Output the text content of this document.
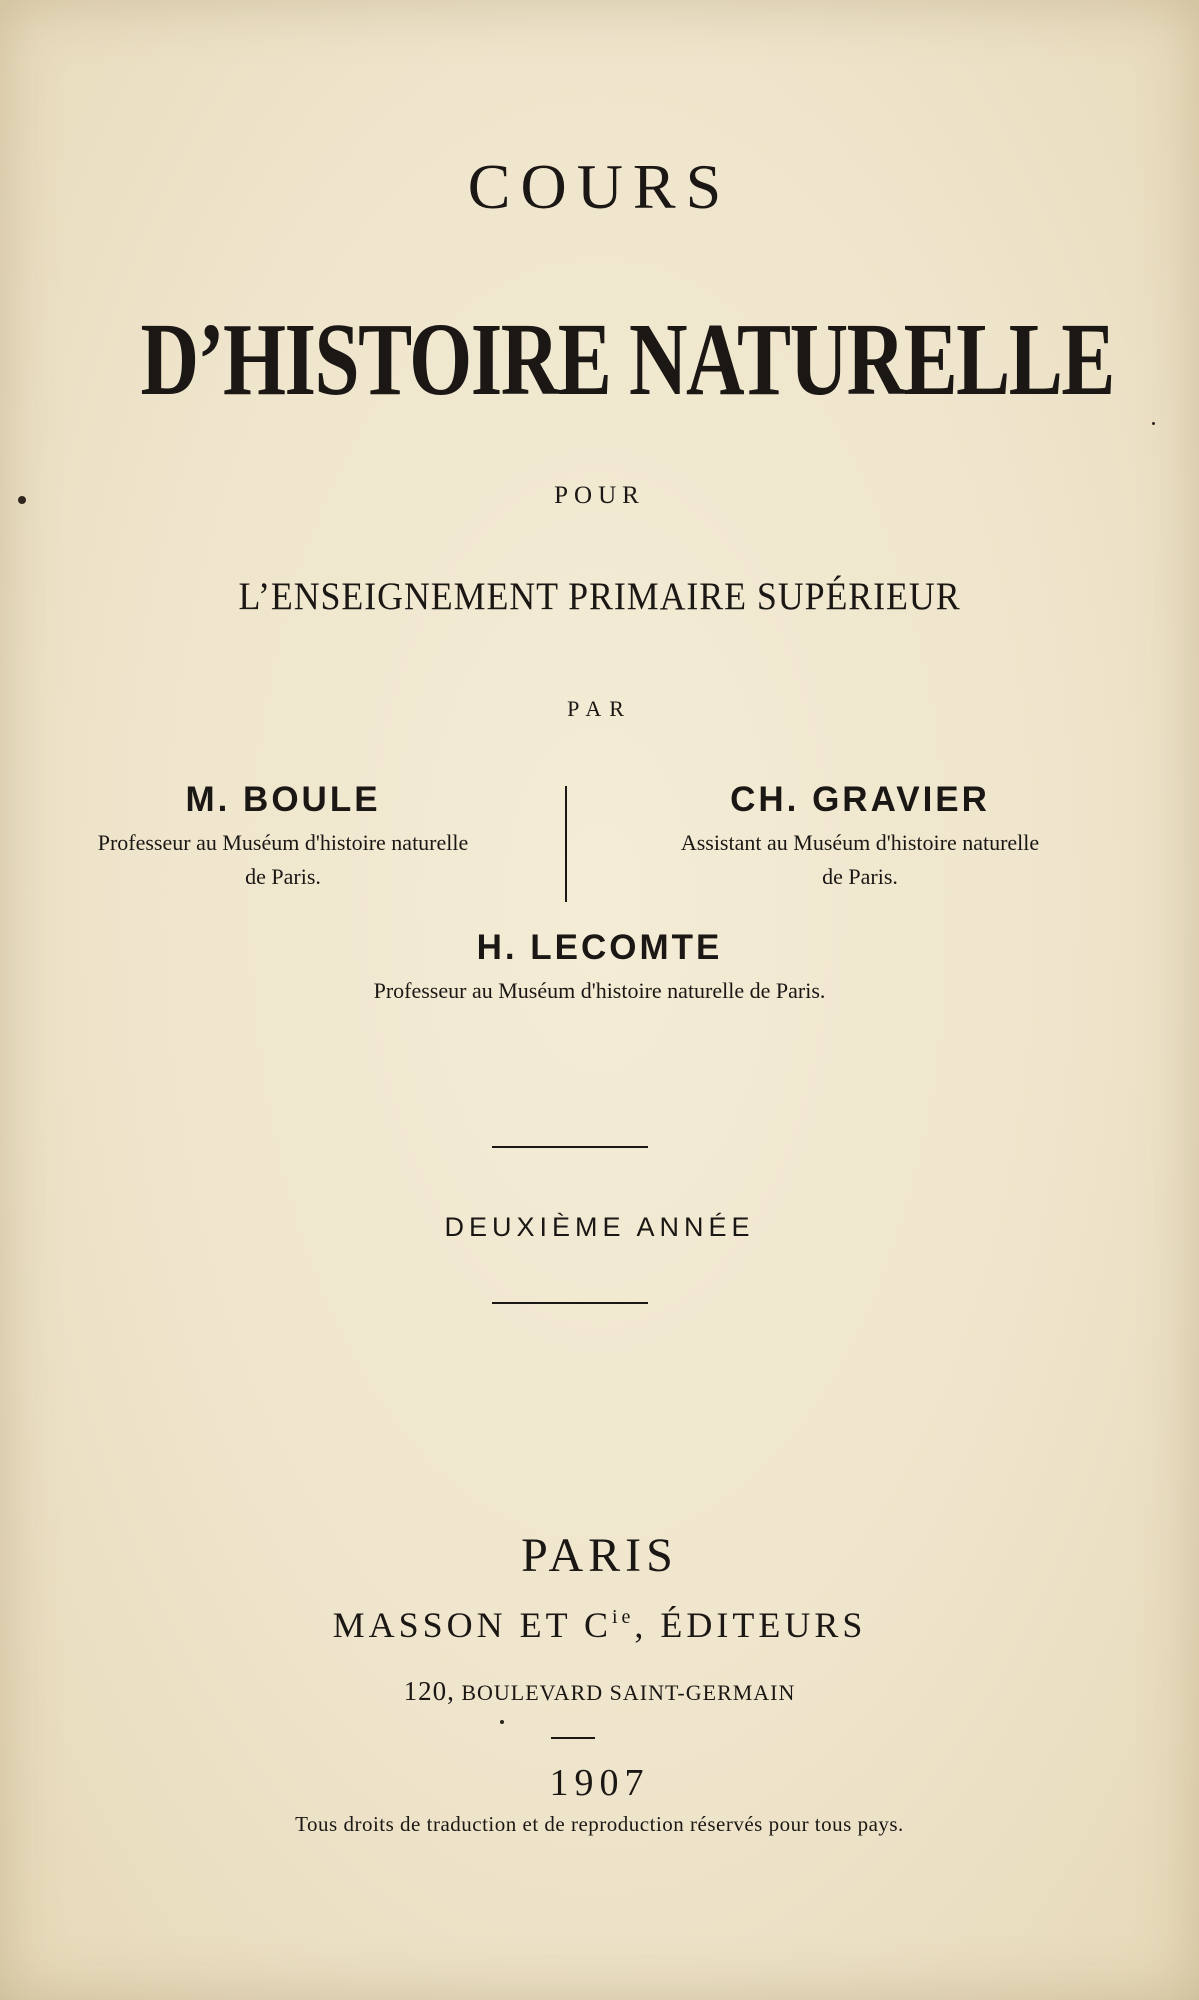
COURS
D’HISTOIRE NATURELLE
POUR
L’ENSEIGNEMENT PRIMAIRE SUPÉRIEUR
PAR
M. BOULE
Professeur au Muséum d'histoire naturelle
de Paris.
CH. GRAVIER
Assistant au Muséum d'histoire naturelle
de Paris.
H. LECOMTE
Professeur au Muséum d'histoire naturelle de Paris.
DEUXIÈME ANNÉE
PARIS
MASSON ET $C^{ie}$, ÉDITEURS
120, BOULEVARD SAINT-GERMAIN
1907
Tous droits de traduction et de reproduction réservés pour tous pays.
